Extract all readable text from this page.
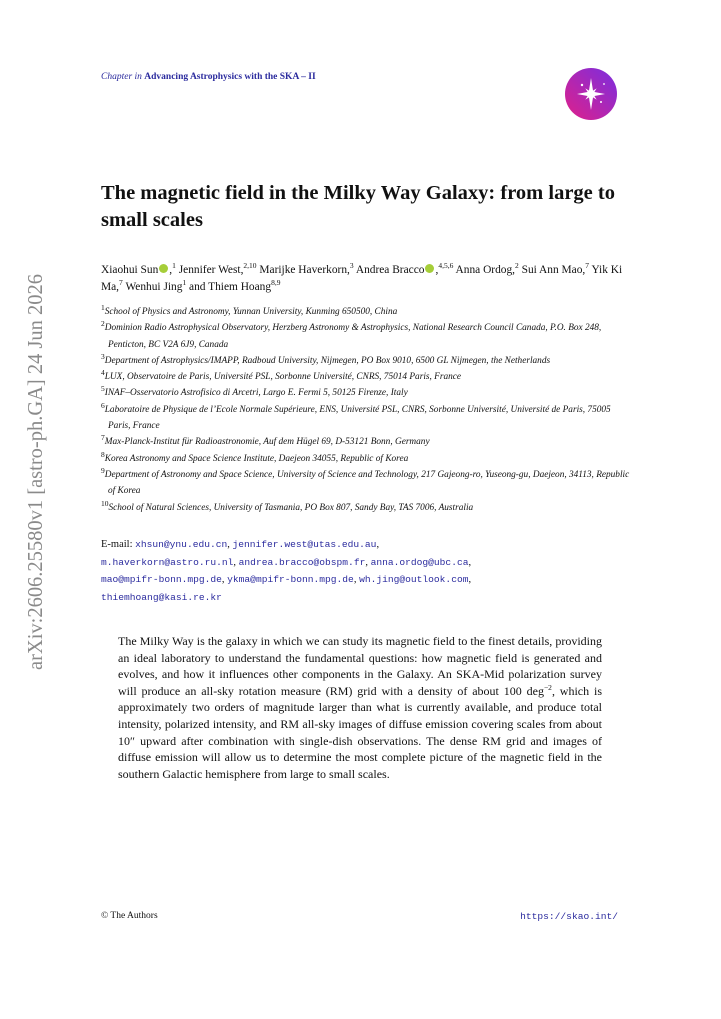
arXiv:2606.25580v1 [astro-ph.GA] 24 Jun 2026
Chapter in Advancing Astrophysics with the SKA – II
The magnetic field in the Milky Way Galaxy: from large to small scales
Xiaohui Sun ,$^1$ Jennifer West,$^{2,10}$ Marijke Haverkorn,$^3$ Andrea Bracco ,$^{4,5,6}$ Anna Ordog,$^2$ Sui Ann Mao,$^7$ Yik Ki Ma,$^7$ Wenhui Jing$^1$ and Thiem Hoang$^{8,9}$
$^1$School of Physics and Astronomy, Yunnan University, Kunming 650500, China
$^2$Dominion Radio Astrophysical Observatory, Herzberg Astronomy & Astrophysics, National Research Council Canada, P.O. Box 248, Penticton, BC V2A 6J9, Canada
$^3$Department of Astrophysics/IMAPP, Radboud University, Nijmegen, PO Box 9010, 6500 GL Nijmegen, the Netherlands
$^4$LUX, Observatoire de Paris, Université PSL, Sorbonne Université, CNRS, 75014 Paris, France
$^5$INAF–Osservatorio Astrofisico di Arcetri, Largo E. Fermi 5, 50125 Firenze, Italy
$^6$Laboratoire de Physique de l’Ecole Normale Supérieure, ENS, Université PSL, CNRS, Sorbonne Université, Université de Paris, 75005 Paris, France
$^7$Max-Planck-Institut für Radioastronomie, Auf dem Hügel 69, D-53121 Bonn, Germany
$^8$Korea Astronomy and Space Science Institute, Daejeon 34055, Republic of Korea
$^9$Department of Astronomy and Space Science, University of Science and Technology, 217 Gajeong-ro, Yuseong-gu, Daejeon, 34113, Republic of Korea
$^{10}$School of Natural Sciences, University of Tasmania, PO Box 807, Sandy Bay, TAS 7006, Australia
E-mail: xhsun@ynu.edu.cn, jennifer.west@utas.edu.au,
m.haverkorn@astro.ru.nl, andrea.bracco@obspm.fr, anna.ordog@ubc.ca,
mao@mpifr-bonn.mpg.de, ykma@mpifr-bonn.mpg.de, wh.jing@outlook.com,
thiemhoang@kasi.re.kr
The Milky Way is the galaxy in which we can study its magnetic field to the finest details, providing an ideal laboratory to understand the fundamental questions: how magnetic field is generated and evolves, and how it influences other components in the Galaxy. An SKA-Mid polarization survey will produce an all-sky rotation measure (RM) grid with a density of about 100 deg$^{-2}$, which is approximately two orders of magnitude larger than what is currently available, and produce total intensity, polarized intensity, and RM all-sky images of diffuse emission covering scales from about 10″ upward after combination with single-dish observations. The dense RM grid and images of diffuse emission will allow us to determine the most complete picture of the magnetic field in the southern Galactic hemisphere from large to small scales.
© The Authors	https://skao.int/
